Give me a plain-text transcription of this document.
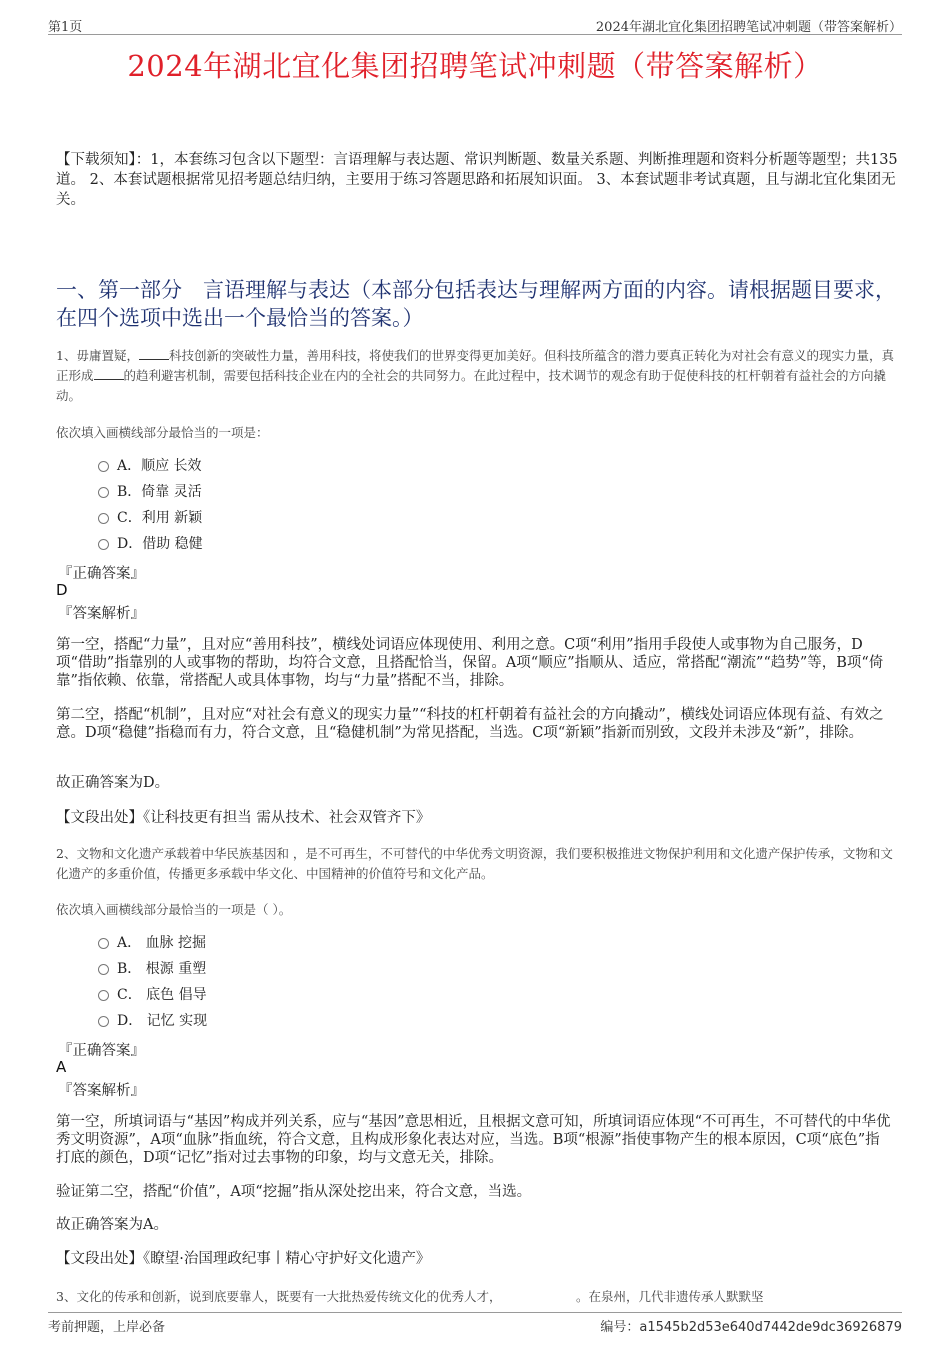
第1页	2024年湖北宜化集团招聘笔试冲刺题（带答案解析）
2024年湖北宜化集团招聘笔试冲刺题（带答案解析）
【下载须知】：1，本套练习包含以下题型：言语理解与表达题、常识判断题、数量关系题、判断推理题和资料分析题等题型；共135道。 2、本套试题根据常见招考题总结归纳，主要用于练习答题思路和拓展知识面。 3、本套试题非考试真题，且与湖北宜化集团无关。
一、第一部分　言语理解与表达（本部分包括表达与理解两方面的内容。请根据题目要求，在四个选项中选出一个最恰当的答案。）
1、毋庸置疑， 科技创新的突破性力量，善用科技，将使我们的世界变得更加美好。但科技所蕴含的潜力要真正转化为对社会有意义的现实力量，真正形成 的趋利避害机制，需要包括科技企业在内的全社会的共同努力。在此过程中，技术调节的观念有助于促使科技的杠杆朝着有益社会的方向撬动。
依次填入画横线部分最恰当的一项是：
A．顺应 长效
B．倚靠 灵活
C．利用 新颖
D．借助 稳健
『正确答案』
D
『答案解析』
第一空，搭配“力量”，且对应“善用科技”，横线处词语应体现使用、利用之意。C项“利用”指用手段使人或事物为自己服务，D项“借助”指靠别的人或事物的帮助，均符合文意，且搭配恰当，保留。A项“顺应”指顺从、适应，常搭配“潮流”“趋势”等，B项“倚靠”指依赖、依靠，常搭配人或具体事物，均与“力量”搭配不当，排除。
第二空，搭配“机制”，且对应“对社会有意义的现实力量”“科技的杠杆朝着有益社会的方向撬动”，横线处词语应体现有益、有效之意。D项“稳健”指稳而有力，符合文意，且“稳健机制”为常见搭配，当选。C项“新颖”指新而别致，文段并未涉及“新”，排除。
故正确答案为D。
【文段出处】《让科技更有担当 需从技术、社会双管齐下》
2、文物和文化遗产承载着中华民族基因和 ，是不可再生，不可替代的中华优秀文明资源，我们要积极推进文物保护利用和文化遗产保护传承，文物和文化遗产的多重价值，传播更多承载中华文化、中国精神的价值符号和文化产品。
依次填入画横线部分最恰当的一项是（ ）。
A． 血脉 挖掘
B． 根源 重塑
C． 底色 倡导
D． 记忆 实现
『正确答案』
A
『答案解析』
第一空，所填词语与“基因”构成并列关系，应与“基因”意思相近，且根据文意可知，所填词语应体现“不可再生，不可替代的中华优秀文明资源”，A项“血脉”指血统，符合文意，且构成形象化表达对应，当选。B项“根源”指使事物产生的根本原因，C项“底色”指打底的颜色，D项“记忆”指对过去事物的印象，均与文意无关，排除。
验证第二空，搭配“价值”，A项“挖掘”指从深处挖出来，符合文意，当选。
故正确答案为A。
【文段出处】《瞭望·治国理政纪事丨精心守护好文化遗产》
3、文化的传承和创新，说到底要靠人，既要有一大批热爱传统文化的优秀人才，	。在泉州，几代非遗传承人默默坚
考前押题，上岸必备	编号：a1545b2d53e640d7442de9dc36926879
